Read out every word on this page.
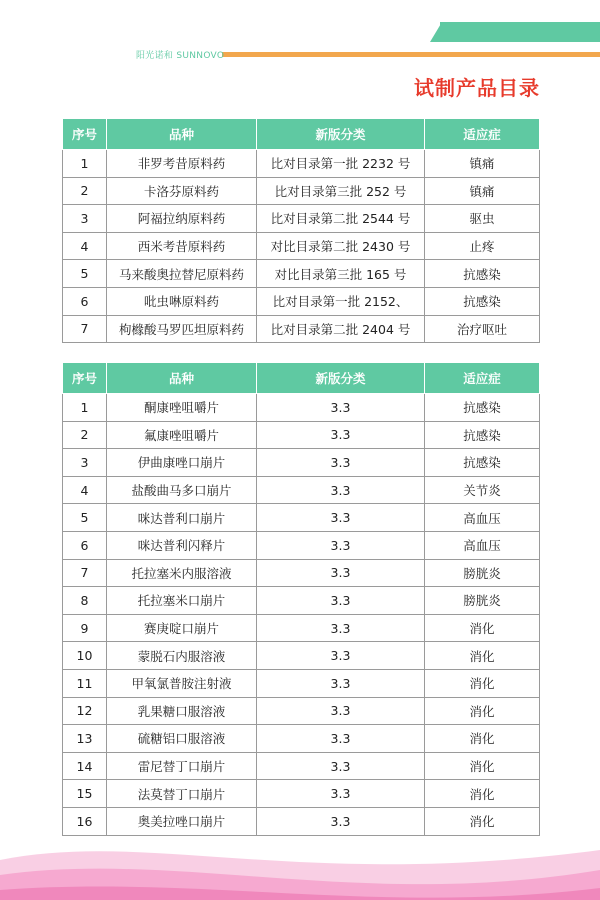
阳光诺和 SUNNOVO
试制产品目录
序号	品种	新版分类	适应症
1	非罗考昔原料药	比对目录第一批 2232 号	镇痛
2	卡洛芬原料药	比对目录第三批 252 号	镇痛
3	阿福拉纳原料药	比对目录第二批 2544 号	驱虫
4	西米考昔原料药	对比目录第二批 2430 号	止疼
5	马来酸奥拉替尼原料药	对比目录第三批 165 号	抗感染
6	吡虫啉原料药	比对目录第一批 2152、	抗感染
7	枸橼酸马罗匹坦原料药	比对目录第二批 2404 号	治疗呕吐
序号	品种	新版分类	适应症
1	酮康唑咀嚼片	3.3	抗感染
2	氟康唑咀嚼片	3.3	抗感染
3	伊曲康唑口崩片	3.3	抗感染
4	盐酸曲马多口崩片	3.3	关节炎
5	咪达普利口崩片	3.3	高血压
6	咪达普利闪释片	3.3	高血压
7	托拉塞米内服溶液	3.3	膀胱炎
8	托拉塞米口崩片	3.3	膀胱炎
9	赛庚啶口崩片	3.3	消化
10	蒙脱石内服溶液	3.3	消化
11	甲氧氯普胺注射液	3.3	消化
12	乳果糖口服溶液	3.3	消化
13	硫糖铝口服溶液	3.3	消化
14	雷尼替丁口崩片	3.3	消化
15	法莫替丁口崩片	3.3	消化
16	奥美拉唑口崩片	3.3	消化
